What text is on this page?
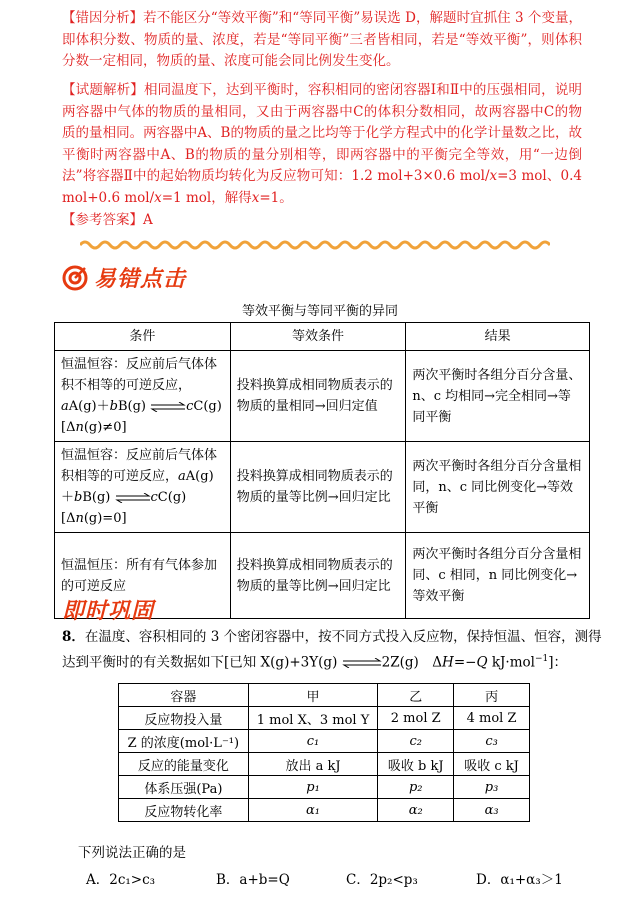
【错因分析】若不能区分“等效平衡”和“等同平衡”易误选 D，解题时宜抓住 3 个变量，即体积分数、物质的量、浓度，若是“等同平衡”三者皆相同，若是“等效平衡”，则体积分数一定相同，物质的量、浓度可能会同比例发生变化。
【试题解析】相同温度下，达到平衡时，容积相同的密闭容器Ⅰ和Ⅱ中的压强相同，说明两容器中气体的物质的量相同，又由于两容器中C的体积分数相同，故两容器中C的物质的量相同。两容器中A、B的物质的量之比均等于化学方程式中的化学计量数之比，故平衡时两容器中A、B的物质的量分别相等，即两容器中的平衡完全等效，用“一边倒法”将容器Ⅱ中的起始物质均转化为反应物可知：1.2 mol+3×0.6 mol/x=3 mol、0.4 mol+0.6 mol/x=1 mol，解得x=1。
【参考答案】A
易错点击
等效平衡与等同平衡的异同
条件	等效条件	结果
恒温恒容：反应前后气体体积不相等的可逆反应，aA(g)＋bB(g) ⇌cC(g)[Δn(g)≠0]	投料换算成相同物质表示的物质的量相同→回归定值	两次平衡时各组分百分含量、n、c 均相同→完全相同→等同平衡
恒温恒容：反应前后气体体积相等的可逆反应，aA(g)＋bB(g) ⇌cC(g)[Δn(g)=0]	投料换算成相同物质表示的物质的量等比例→回归定比	两次平衡时各组分百分含量相同，n、c 同比例变化→等效平衡
恒温恒压：所有有气体参加的可逆反应	投料换算成相同物质表示的物质的量等比例→回归定比	两次平衡时各组分百分含量相同、c 相同，n 同比例变化→等效平衡
即时巩固
8．在温度、容积相同的 3 个密闭容器中，按不同方式投入反应物，保持恒温、恒容，测得达到平衡时的有关数据如下[已知 X(g)+3Y(g) ⇌2Z(g)　ΔH=−Q kJ·mol$^{-1}$]：
容器	甲	乙	丙
反应物投入量	1 mol X、3 mol Y	2 mol Z	4 mol Z
Z 的浓度(mol·L⁻¹)	c₁	c₂	c₃
反应的能量变化	放出 a kJ	吸收 b kJ	吸收 c kJ
体系压强(Pa)	p₁	p₂	p₃
反应物转化率	α₁	α₂	α₃
下列说法正确的是
A．2c₁>c₃	B．a+b=Q	C．2p₂<p₃	D．α₁+α₃＞1
